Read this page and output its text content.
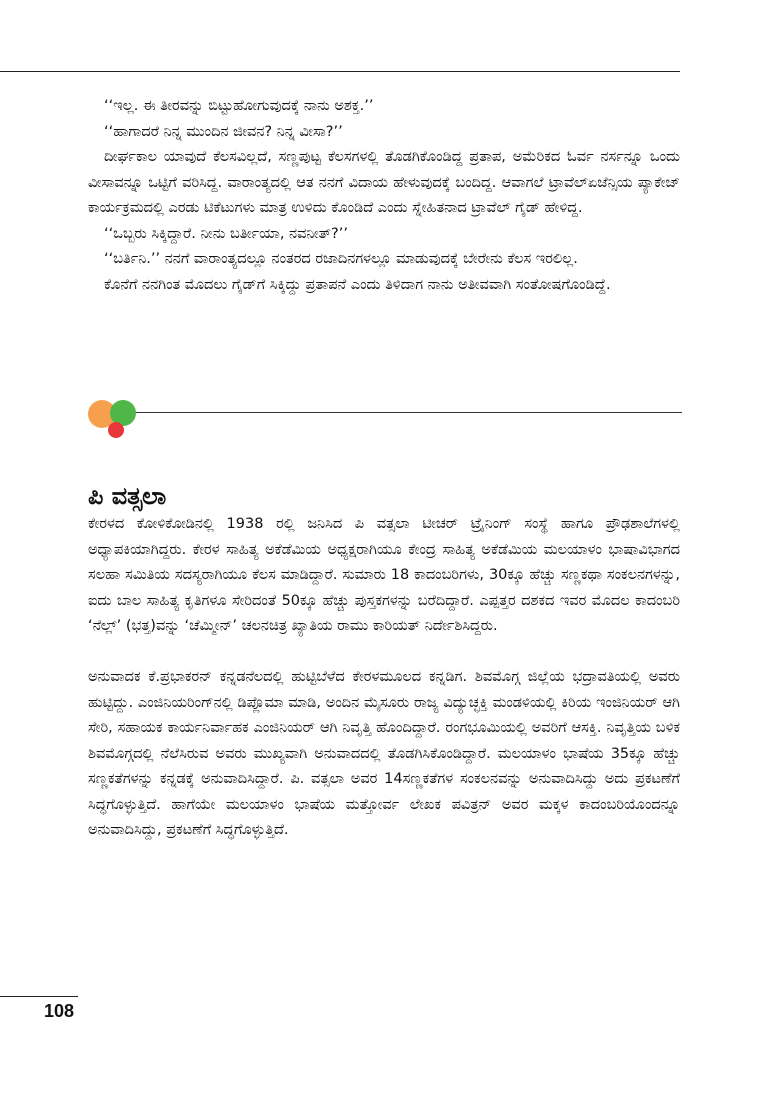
‘‘ಇಲ್ಲ. ಈ ತೀರವನ್ನು ಬಿಟ್ಟುಹೋಗುವುದಕ್ಕೆ ನಾನು ಅಶಕ್ತ.’’

‘‘ಹಾಗಾದರೆ ನಿನ್ನ ಮುಂದಿನ ಜೀವನ? ನಿನ್ನ ವೀಸಾ?’’

ದೀರ್ಘಕಾಲ ಯಾವುದೆ ಕೆಲಸವಿಲ್ಲದೆ, ಸಣ್ಣಪುಟ್ಟ ಕೆಲಸಗಳಲ್ಲಿ ತೊಡಗಿಕೊಂಡಿದ್ದ ಪ್ರತಾಪ, ಅಮೆರಿಕದ ಓರ್ವ ನರ್ಸನ್ನೂ ಒಂದು ವೀಸಾವನ್ನೂ ಒಟ್ಟಿಗೆ ವರಿಸಿದ್ದ. ವಾರಾಂತ್ಯದಲ್ಲಿ ಆತ ನನಗೆ ವಿದಾಯ ಹೇಳುವುದಕ್ಕೆ ಬಂದಿದ್ದ. ಆವಾಗಲೆ ಟ್ರಾವೆಲ್‌ಏಜೆನ್ಸಿಯ ಪ್ಯಾಕೇಜ್ ಕಾರ್ಯಕ್ರಮದಲ್ಲಿ ಎರಡು ಟಿಕೆಟುಗಳು ಮಾತ್ರ ಉಳಿದು ಕೊಂಡಿದೆ ಎಂದು ಸ್ನೇಹಿತನಾದ ಟ್ರಾವೆಲ್ ಗೈಡ್ ಹೇಳಿದ್ದ.

‘‘ಒಬ್ಬರು ಸಿಕ್ಕಿದ್ದಾರೆ. ನೀನು ಬರ್ತೀಯಾ, ನವನೀತ್?’’

‘‘ಬರ್ತಿನಿ.’’ ನನಗೆ ವಾರಾಂತ್ಯದಲ್ಲೂ ನಂತರದ ರಜಾದಿನಗಳಲ್ಲೂ ಮಾಡುವುದಕ್ಕೆ ಬೇರೇನು ಕೆಲಸ ಇರಲಿಲ್ಲ.

ಕೊನೆಗೆ ನನಗಿಂತ ಮೊದಲು ಗೈಡ್‌ಗೆ ಸಿಕ್ಕಿದ್ದು ಪ್ರತಾಪನೆ ಎಂದು ತಿಳಿದಾಗ ನಾನು ಅತೀವವಾಗಿ ಸಂತೋಷಗೊಂಡಿದ್ದೆ.

ಪಿ ವತ್ಸಲಾ

ಕೇರಳದ ಕೋಳಿಕೋಡಿನಲ್ಲಿ 1938 ರಲ್ಲಿ ಜನಿಸಿದ ಪಿ ವತ್ಸಲಾ ಟೀಚರ್ ಟ್ರೈನಿಂಗ್ ಸಂಸ್ಥೆ ಹಾಗೂ ಪ್ರೌಢಶಾಲೆಗಳಲ್ಲಿ ಅಧ್ಯಾಪಕಿಯಾಗಿದ್ದರು. ಕೇರಳ ಸಾಹಿತ್ಯ ಅಕೆಡೆಮಿಯ ಅಧ್ಯಕ್ಷರಾಗಿಯೂ ಕೇಂದ್ರ ಸಾಹಿತ್ಯ ಅಕೆಡೆಮಿಯ ಮಲಯಾಳಂ ಭಾಷಾವಿಭಾಗದ ಸಲಹಾ ಸಮಿತಿಯ ಸದಸ್ಯರಾಗಿಯೂ ಕೆಲಸ ಮಾಡಿದ್ದಾರೆ. ಸುಮಾರು 18 ಕಾದಂಬರಿಗಳು, 30ಕ್ಕೂ ಹೆಚ್ಚು ಸಣ್ಣಕಥಾ ಸಂಕಲನಗಳನ್ನು, ಐದು ಬಾಲ ಸಾಹಿತ್ಯ ಕೃತಿಗಳೂ ಸೇರಿದಂತೆ 50ಕ್ಕೂ ಹೆಚ್ಚು ಪುಸ್ತಕಗಳನ್ನು ಬರೆದಿದ್ದಾರೆ. ಎಪ್ಪತ್ತರ ದಶಕದ ಇವರ ಮೊದಲ ಕಾದಂಬರಿ ‘ನೆಲ್ಲ್’ (ಭತ್ತ)ವನ್ನು ‘ಚೆಮ್ಮೀನ್’ ಚಲನಚಿತ್ರ ಖ್ಯಾತಿಯ ರಾಮು ಕಾರಿಯತ್ ನಿರ್ದೇಶಿಸಿದ್ದರು.

ಅನುವಾದಕ ಕೆ.ಪ್ರಭಾಕರನ್ ಕನ್ನಡನೆಲದಲ್ಲಿ ಹುಟ್ಟಿಬೆಳೆದ ಕೇರಳಮೂಲದ ಕನ್ನಡಿಗ. ಶಿವಮೊಗ್ಗ ಜಿಲ್ಲೆಯ ಭದ್ರಾವತಿಯಲ್ಲಿ ಅವರು ಹುಟ್ಟಿದ್ದು. ಎಂಜಿನಿಯರಿಂಗ್‌ನಲ್ಲಿ ಡಿಪ್ಲೊಮಾ ಮಾಡಿ, ಅಂದಿನ ಮೈಸೂರು ರಾಜ್ಯ ವಿದ್ಯುಚ್ಛಕ್ತಿ ಮಂಡಳಿಯಲ್ಲಿ ಕಿರಿಯ ಇಂಜಿನಿಯರ್ ಆಗಿ ಸೇರಿ, ಸಹಾಯಕ ಕಾರ್ಯನಿರ್ವಾಹಕ ಎಂಜಿನಿಯರ್ ಆಗಿ ನಿವೃತ್ತಿ ಹೊಂದಿದ್ದಾರೆ. ರಂಗಭೂಮಿಯಲ್ಲಿ ಅವರಿಗೆ ಆಸಕ್ತಿ. ನಿವೃತ್ತಿಯ ಬಳಿಕ ಶಿವಮೊಗ್ಗದಲ್ಲಿ ನೆಲೆಸಿರುವ ಅವರು ಮುಖ್ಯವಾಗಿ ಅನುವಾದದಲ್ಲಿ ತೊಡಗಿಸಿಕೊಂಡಿದ್ದಾರೆ. ಮಲಯಾಳಂ ಭಾಷೆಯ 35ಕ್ಕೂ ಹೆಚ್ಚು ಸಣ್ಣಕತೆಗಳನ್ನು ಕನ್ನಡಕ್ಕೆ ಅನುವಾದಿಸಿದ್ದಾರೆ. ಪಿ. ವತ್ಸಲಾ ಅವರ 14ಸಣ್ಣಕತೆಗಳ ಸಂಕಲನವನ್ನು ಅನುವಾದಿಸಿದ್ದು ಅದು ಪ್ರಕಟಣೆಗೆ ಸಿದ್ಧಗೊಳ್ಳುತ್ತಿದೆ. ಹಾಗೆಯೇ ಮಲಯಾಳಂ ಭಾಷೆಯ ಮತ್ತೋರ್ವ ಲೇಖಕ ಪವಿತ್ರನ್ ಅವರ ಮಕ್ಕಳ ಕಾದಂಬರಿಯೊಂದನ್ನೂ ಅನುವಾದಿಸಿದ್ದು, ಪ್ರಕಟಣೆಗೆ ಸಿದ್ಧಗೊಳ್ಳುತ್ತಿದೆ.

108
